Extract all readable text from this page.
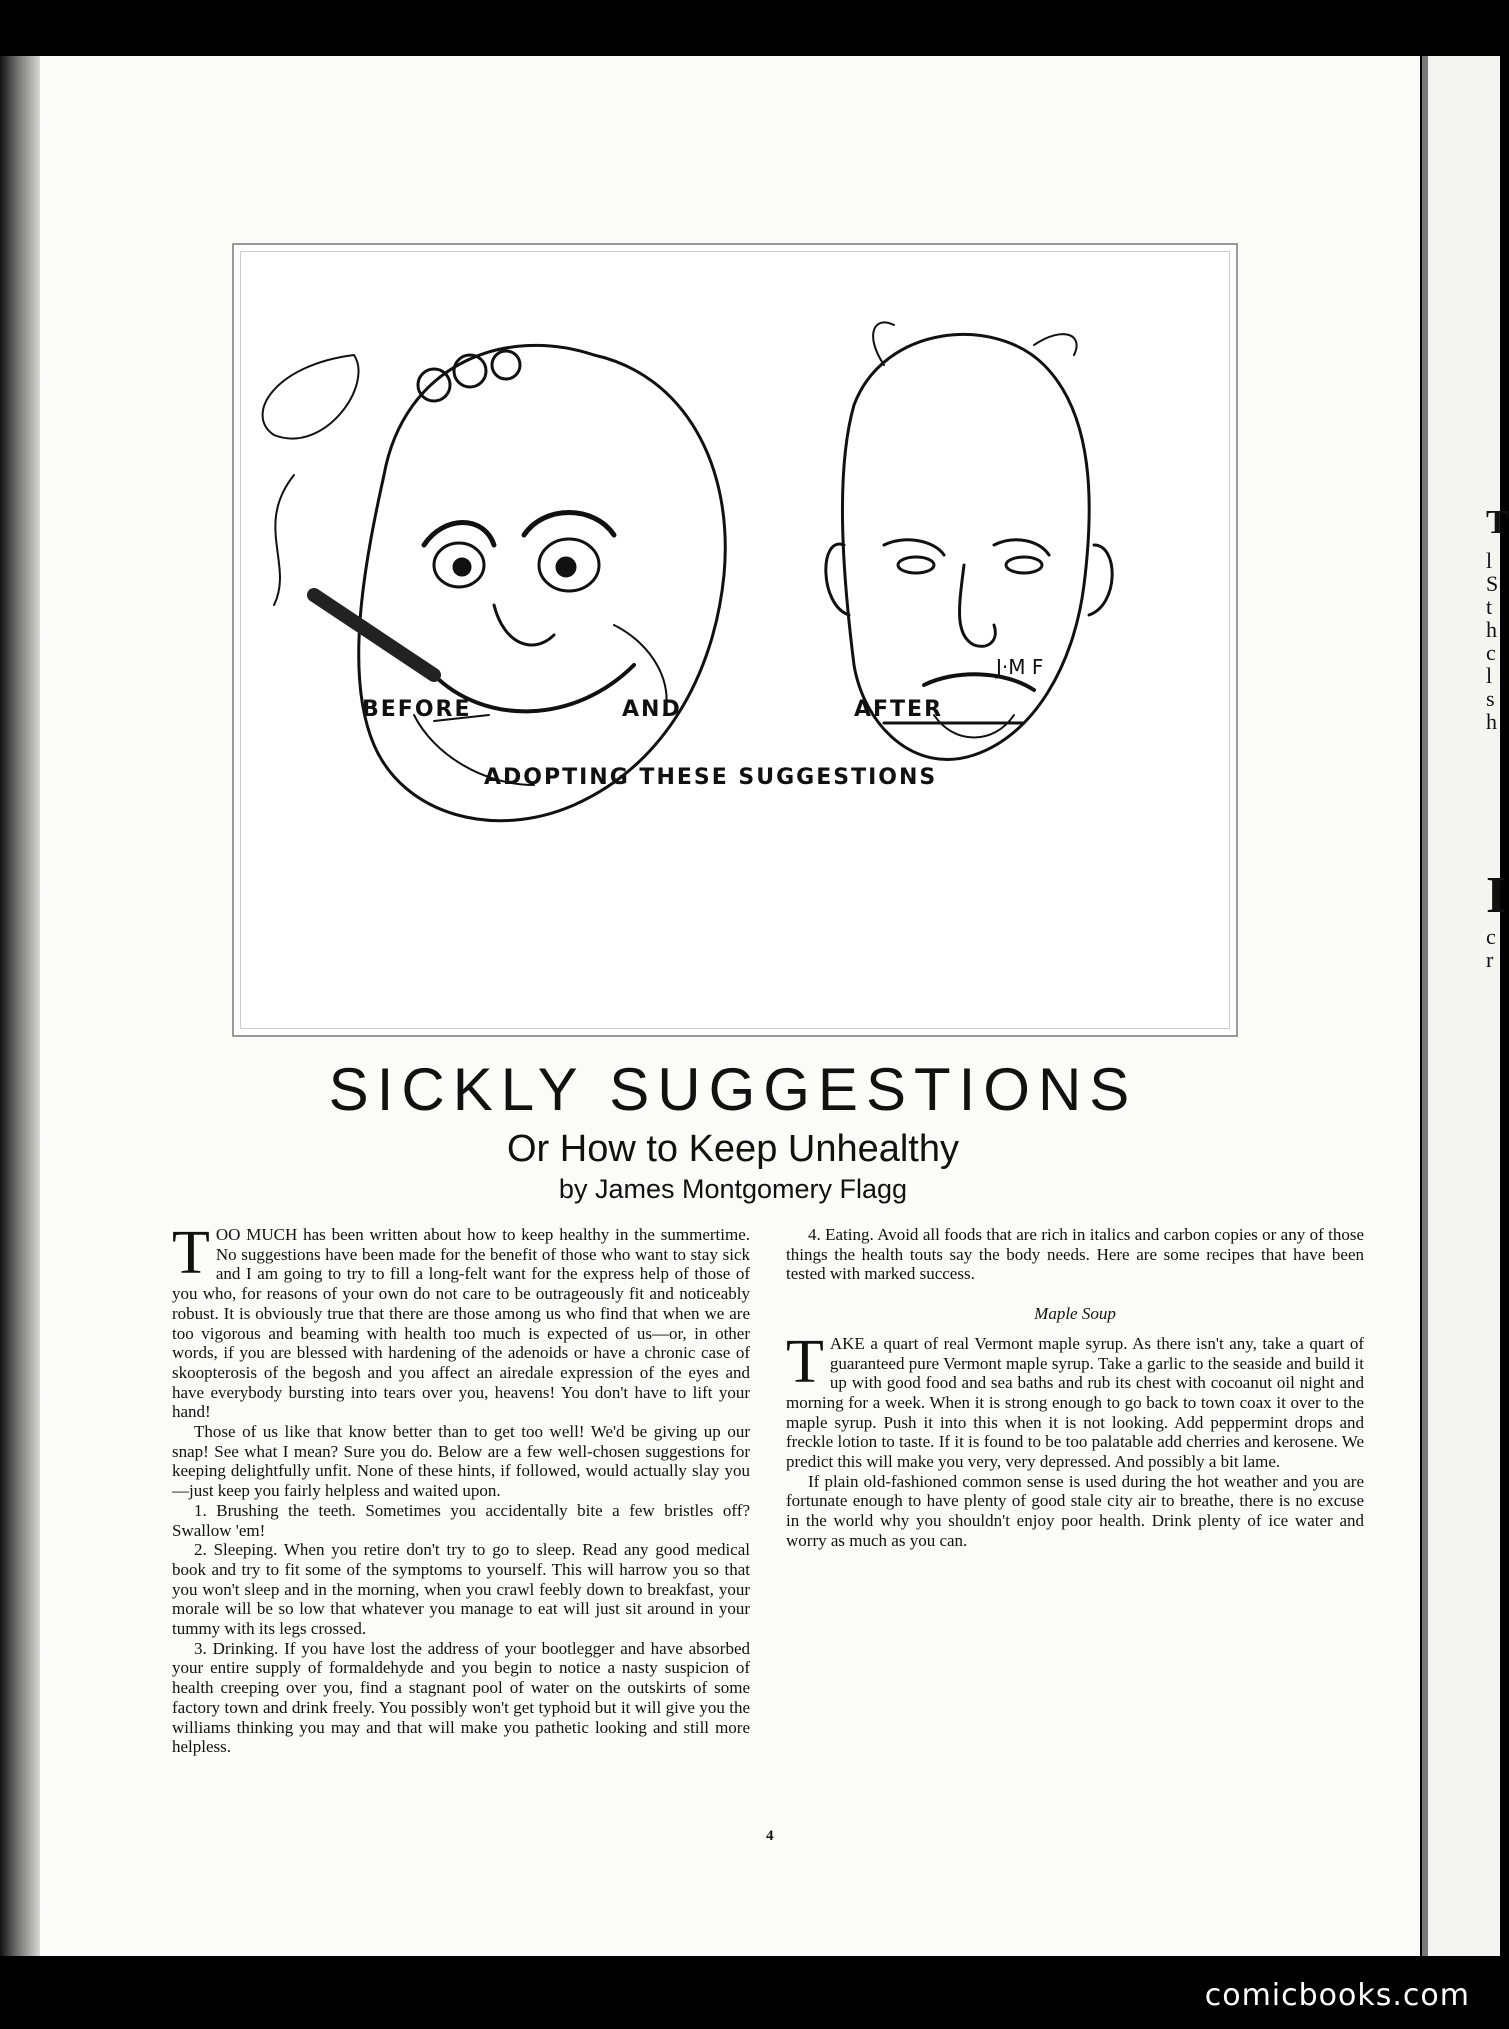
T
l
S
t
h
c
l
s
h
I
c
r
BEFORE	AND	AFTER
ADOPTING THESE SUGGESTIONS
J·M F
SICKLY SUGGESTIONS
Or How to Keep Unhealthy
by James Montgomery Flagg

TOO MUCH has been written about how to keep healthy in the summertime. No suggestions have been made for the benefit of those who want to stay sick and I am going to try to fill a long-felt want for the express help of those of you who, for reasons of your own do not care to be outrageously fit and noticeably robust. It is obviously true that there are those among us who find that when we are too vigorous and beaming with health too much is expected of us—or, in other words, if you are blessed with hardening of the adenoids or have a chronic case of skoopterosis of the begosh and you affect an airedale expression of the eyes and have everybody bursting into tears over you, heavens! You don't have to lift your hand!

Those of us like that know better than to get too well! We'd be giving up our snap! See what I mean? Sure you do. Below are a few well-chosen suggestions for keeping delightfully unfit. None of these hints, if followed, would actually slay you—just keep you fairly helpless and waited upon.

1. Brushing the teeth. Sometimes you accidentally bite a few bristles off? Swallow 'em!

2. Sleeping. When you retire don't try to go to sleep. Read any good medical book and try to fit some of the symptoms to yourself. This will harrow you so that you won't sleep and in the morning, when you crawl feebly down to breakfast, your morale will be so low that whatever you manage to eat will just sit around in your tummy with its legs crossed.

3. Drinking. If you have lost the address of your bootlegger and have absorbed your entire supply of formaldehyde and you begin to notice a nasty suspicion of health creeping over you, find a stagnant pool of water on the outskirts of some factory town and drink freely. You possibly won't get typhoid but it will give you the williams thinking you may and that will make you pathetic looking and still more helpless.

4. Eating. Avoid all foods that are rich in italics and carbon copies or any of those things the health touts say the body needs. Here are some recipes that have been tested with marked success.

Maple Soup

TAKE a quart of real Vermont maple syrup. As there isn't any, take a quart of guaranteed pure Vermont maple syrup. Take a garlic to the seaside and build it up with good food and sea baths and rub its chest with cocoanut oil night and morning for a week. When it is strong enough to go back to town coax it over to the maple syrup. Push it into this when it is not looking. Add peppermint drops and freckle lotion to taste. If it is found to be too palatable add cherries and kerosene. We predict this will make you very, very depressed. And possibly a bit lame.

If plain old-fashioned common sense is used during the hot weather and you are fortunate enough to have plenty of good stale city air to breathe, there is no excuse in the world why you shouldn't enjoy poor health. Drink plenty of ice water and worry as much as you can.

4
comicbooks.com
